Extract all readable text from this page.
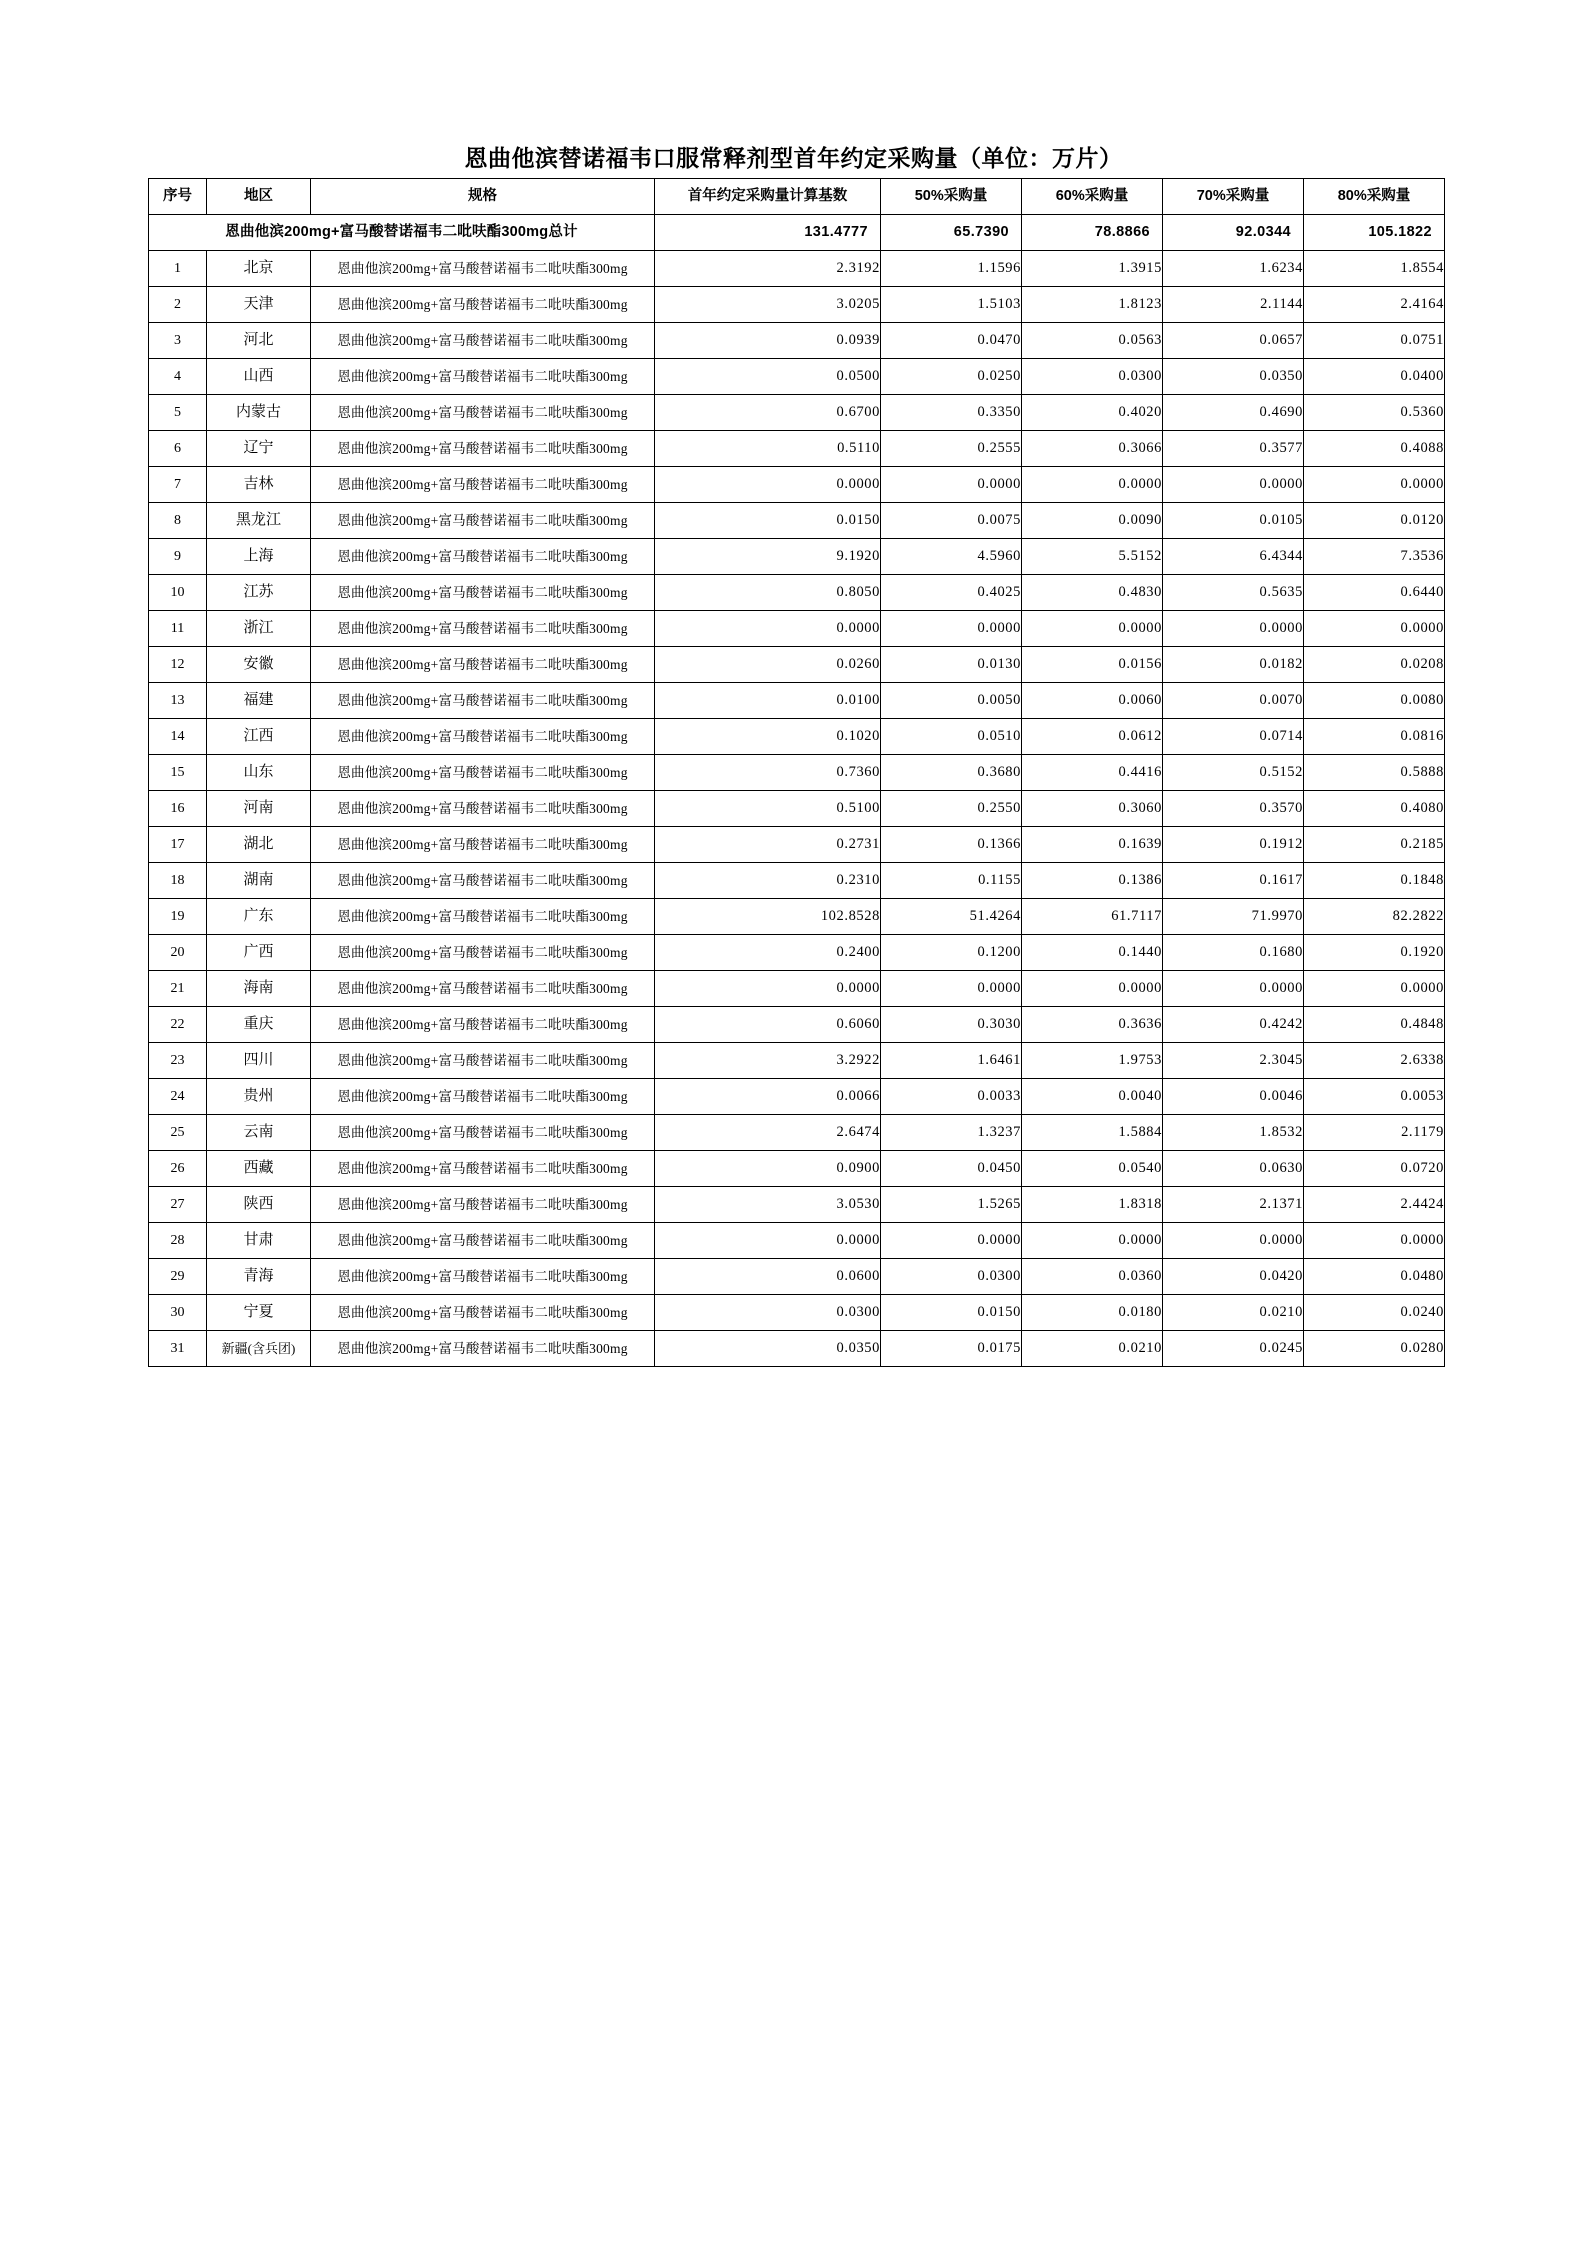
恩曲他滨替诺福韦口服常释剂型首年约定采购量（单位：万片）
序号	地区	规格	首年约定采购量计算基数	50%采购量	60%采购量	70%采购量	80%采购量
恩曲他滨200mg+富马酸替诺福韦二吡呋酯300mg总计			131.4777	65.7390	78.8866	92.0344	105.1822
1	北京	恩曲他滨200mg+富马酸替诺福韦二吡呋酯300mg	2.3192	1.1596	1.3915	1.6234	1.8554
2	天津	恩曲他滨200mg+富马酸替诺福韦二吡呋酯300mg	3.0205	1.5103	1.8123	2.1144	2.4164
3	河北	恩曲他滨200mg+富马酸替诺福韦二吡呋酯300mg	0.0939	0.0470	0.0563	0.0657	0.0751
4	山西	恩曲他滨200mg+富马酸替诺福韦二吡呋酯300mg	0.0500	0.0250	0.0300	0.0350	0.0400
5	内蒙古	恩曲他滨200mg+富马酸替诺福韦二吡呋酯300mg	0.6700	0.3350	0.4020	0.4690	0.5360
6	辽宁	恩曲他滨200mg+富马酸替诺福韦二吡呋酯300mg	0.5110	0.2555	0.3066	0.3577	0.4088
7	吉林	恩曲他滨200mg+富马酸替诺福韦二吡呋酯300mg	0.0000	0.0000	0.0000	0.0000	0.0000
8	黑龙江	恩曲他滨200mg+富马酸替诺福韦二吡呋酯300mg	0.0150	0.0075	0.0090	0.0105	0.0120
9	上海	恩曲他滨200mg+富马酸替诺福韦二吡呋酯300mg	9.1920	4.5960	5.5152	6.4344	7.3536
10	江苏	恩曲他滨200mg+富马酸替诺福韦二吡呋酯300mg	0.8050	0.4025	0.4830	0.5635	0.6440
11	浙江	恩曲他滨200mg+富马酸替诺福韦二吡呋酯300mg	0.0000	0.0000	0.0000	0.0000	0.0000
12	安徽	恩曲他滨200mg+富马酸替诺福韦二吡呋酯300mg	0.0260	0.0130	0.0156	0.0182	0.0208
13	福建	恩曲他滨200mg+富马酸替诺福韦二吡呋酯300mg	0.0100	0.0050	0.0060	0.0070	0.0080
14	江西	恩曲他滨200mg+富马酸替诺福韦二吡呋酯300mg	0.1020	0.0510	0.0612	0.0714	0.0816
15	山东	恩曲他滨200mg+富马酸替诺福韦二吡呋酯300mg	0.7360	0.3680	0.4416	0.5152	0.5888
16	河南	恩曲他滨200mg+富马酸替诺福韦二吡呋酯300mg	0.5100	0.2550	0.3060	0.3570	0.4080
17	湖北	恩曲他滨200mg+富马酸替诺福韦二吡呋酯300mg	0.2731	0.1366	0.1639	0.1912	0.2185
18	湖南	恩曲他滨200mg+富马酸替诺福韦二吡呋酯300mg	0.2310	0.1155	0.1386	0.1617	0.1848
19	广东	恩曲他滨200mg+富马酸替诺福韦二吡呋酯300mg	102.8528	51.4264	61.7117	71.9970	82.2822
20	广西	恩曲他滨200mg+富马酸替诺福韦二吡呋酯300mg	0.2400	0.1200	0.1440	0.1680	0.1920
21	海南	恩曲他滨200mg+富马酸替诺福韦二吡呋酯300mg	0.0000	0.0000	0.0000	0.0000	0.0000
22	重庆	恩曲他滨200mg+富马酸替诺福韦二吡呋酯300mg	0.6060	0.3030	0.3636	0.4242	0.4848
23	四川	恩曲他滨200mg+富马酸替诺福韦二吡呋酯300mg	3.2922	1.6461	1.9753	2.3045	2.6338
24	贵州	恩曲他滨200mg+富马酸替诺福韦二吡呋酯300mg	0.0066	0.0033	0.0040	0.0046	0.0053
25	云南	恩曲他滨200mg+富马酸替诺福韦二吡呋酯300mg	2.6474	1.3237	1.5884	1.8532	2.1179
26	西藏	恩曲他滨200mg+富马酸替诺福韦二吡呋酯300mg	0.0900	0.0450	0.0540	0.0630	0.0720
27	陕西	恩曲他滨200mg+富马酸替诺福韦二吡呋酯300mg	3.0530	1.5265	1.8318	2.1371	2.4424
28	甘肃	恩曲他滨200mg+富马酸替诺福韦二吡呋酯300mg	0.0000	0.0000	0.0000	0.0000	0.0000
29	青海	恩曲他滨200mg+富马酸替诺福韦二吡呋酯300mg	0.0600	0.0300	0.0360	0.0420	0.0480
30	宁夏	恩曲他滨200mg+富马酸替诺福韦二吡呋酯300mg	0.0300	0.0150	0.0180	0.0210	0.0240
31	新疆(含兵团)	恩曲他滨200mg+富马酸替诺福韦二吡呋酯300mg	0.0350	0.0175	0.0210	0.0245	0.0280
